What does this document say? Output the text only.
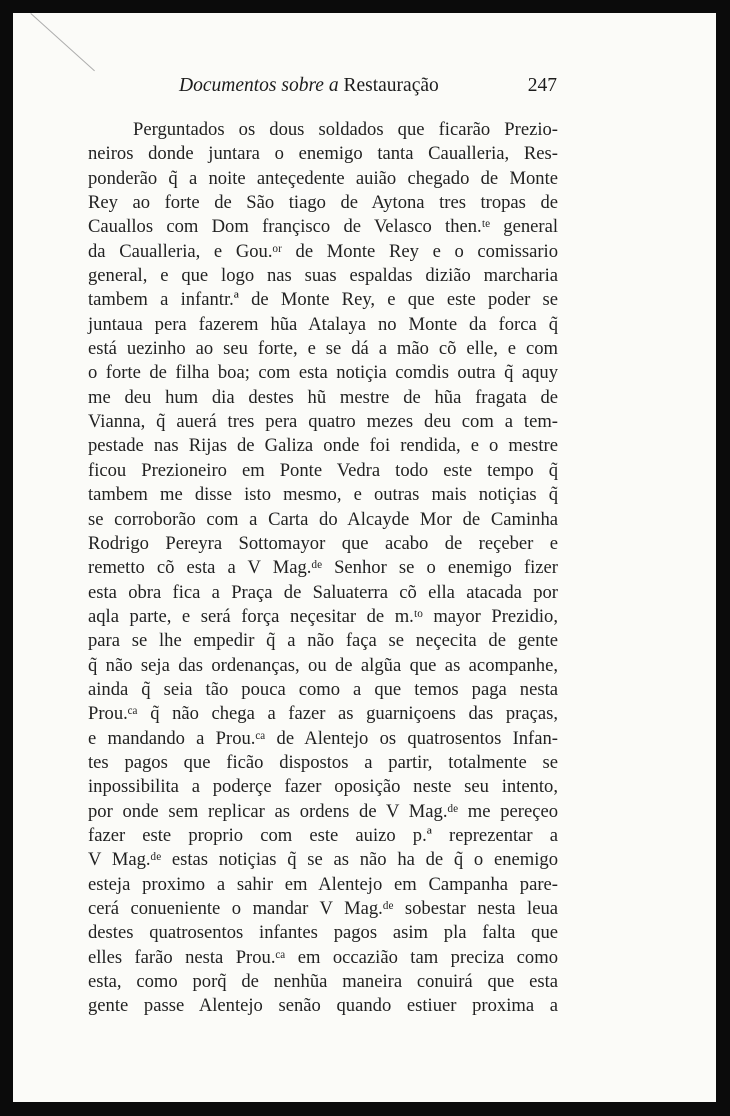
Documentos sobre a Restauração	247
Perguntados os dous soldados que ficarão Prezio-
neiros donde juntara o enemigo tanta Caualleria, Res-
ponderão q̃ a noite anteçedente auião chegado de Monte
Rey ao forte de São tiago de Aytona tres tropas de
Cauallos com Dom françisco de Velasco then.ᵗᵉ general
da Caualleria, e Gou.ᵒʳ de Monte Rey e o comissario
general, e que logo nas suas espaldas dizião marcharia
tambem a infantr.ª de Monte Rey, e que este poder se
juntaua pera fazerem hũa Atalaya no Monte da forca q̃
está uezinho ao seu forte, e se dá a mão cõ elle, e com
o forte de filha boa; com esta notiçia comdis outra q̃ aquy
me deu hum dia destes hũ mestre de hũa fragata de
Vianna, q̃ auerá tres pera quatro mezes deu com a tem-
pestade nas Rijas de Galiza onde foi rendida, e o mestre
ficou Prezioneiro em Ponte Vedra todo este tempo q̃
tambem me disse isto mesmo, e outras mais notiçias q̃
se corroborão com a Carta do Alcayde Mor de Caminha
Rodrigo Pereyra Sottomayor que acabo de reçeber e
remetto cõ esta a V Mag.ᵈᵉ Senhor se o enemigo fizer
esta obra fica a Praça de Saluaterra cõ ella atacada por
aqla parte, e será força neçesitar de m.ᵗᵒ mayor Prezidio,
para se lhe empedir q̃ a não faça se neçecita de gente
q̃ não seja das ordenanças, ou de algũa que as acompanhe,
ainda q̃ seia tão pouca como a que temos paga nesta
Prou.ᶜᵃ q̃ não chega a fazer as guarniçoens das praças,
e mandando a Prou.ᶜᵃ de Alentejo os quatrosentos Infan-
tes pagos que ficão dispostos a partir, totalmente se
inpossibilita a poderçe fazer oposição neste seu intento,
por onde sem replicar as ordens de V Mag.ᵈᵉ me pereçeo
fazer este proprio com este auizo p.ª reprezentar a
V Mag.ᵈᵉ estas notiçias q̃ se as não ha de q̃ o enemigo
esteja proximo a sahir em Alentejo em Campanha pare-
cerá conueniente o mandar V Mag.ᵈᵉ sobestar nesta leua
destes quatrosentos infantes pagos asim pla falta que
elles farão nesta Prou.ᶜᵃ em occazião tam preciza como
esta, como porq̃ de nenhũa maneira conuirá que esta
gente passe Alentejo senão quando estiuer proxima a
